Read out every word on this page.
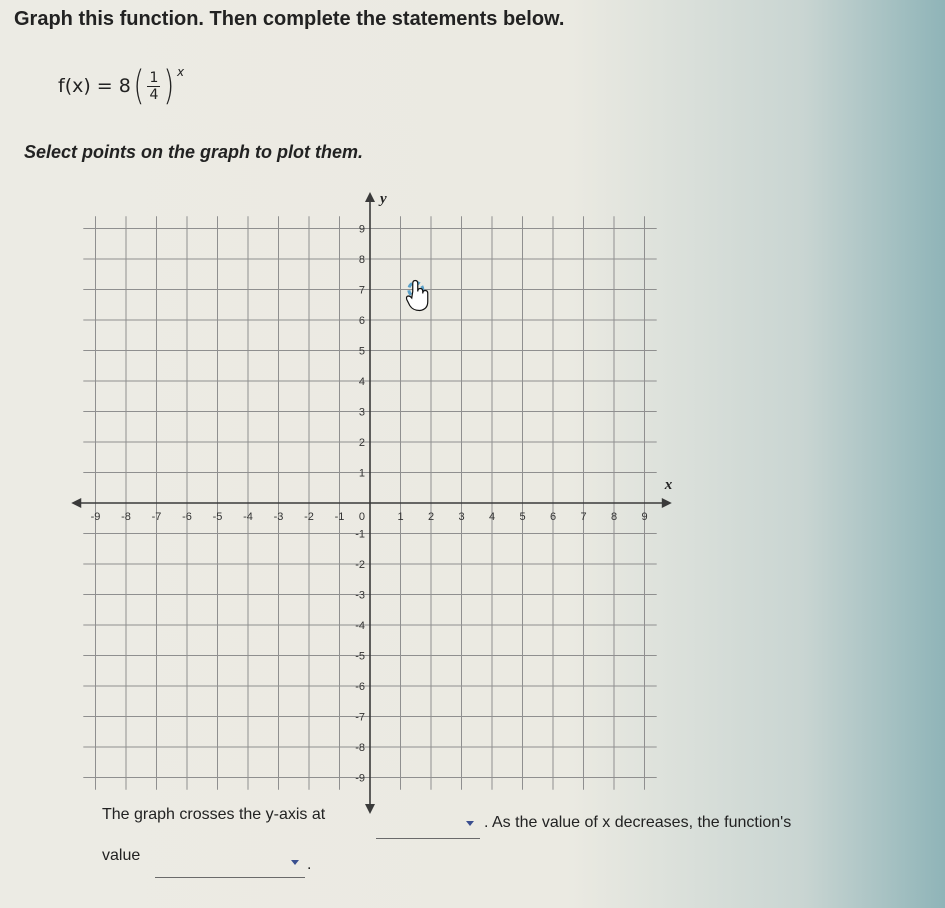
Graph this function. Then complete the statements below.
f(x) = 8 ( $\frac{1}{4} )^x$
Select points on the graph to plot them.
x
y
-9 -8 -7 -6 -5 -4 -3 -2 -1	1 2 3 4 5 6 7 8 9
9
8
7
6
5
4
3
2
1
-1
-2
-3
-4
-5
-6
-7
-8
-9
0
The graph crosses the y-axis at	. As the value of x decreases, the function's
value
.
